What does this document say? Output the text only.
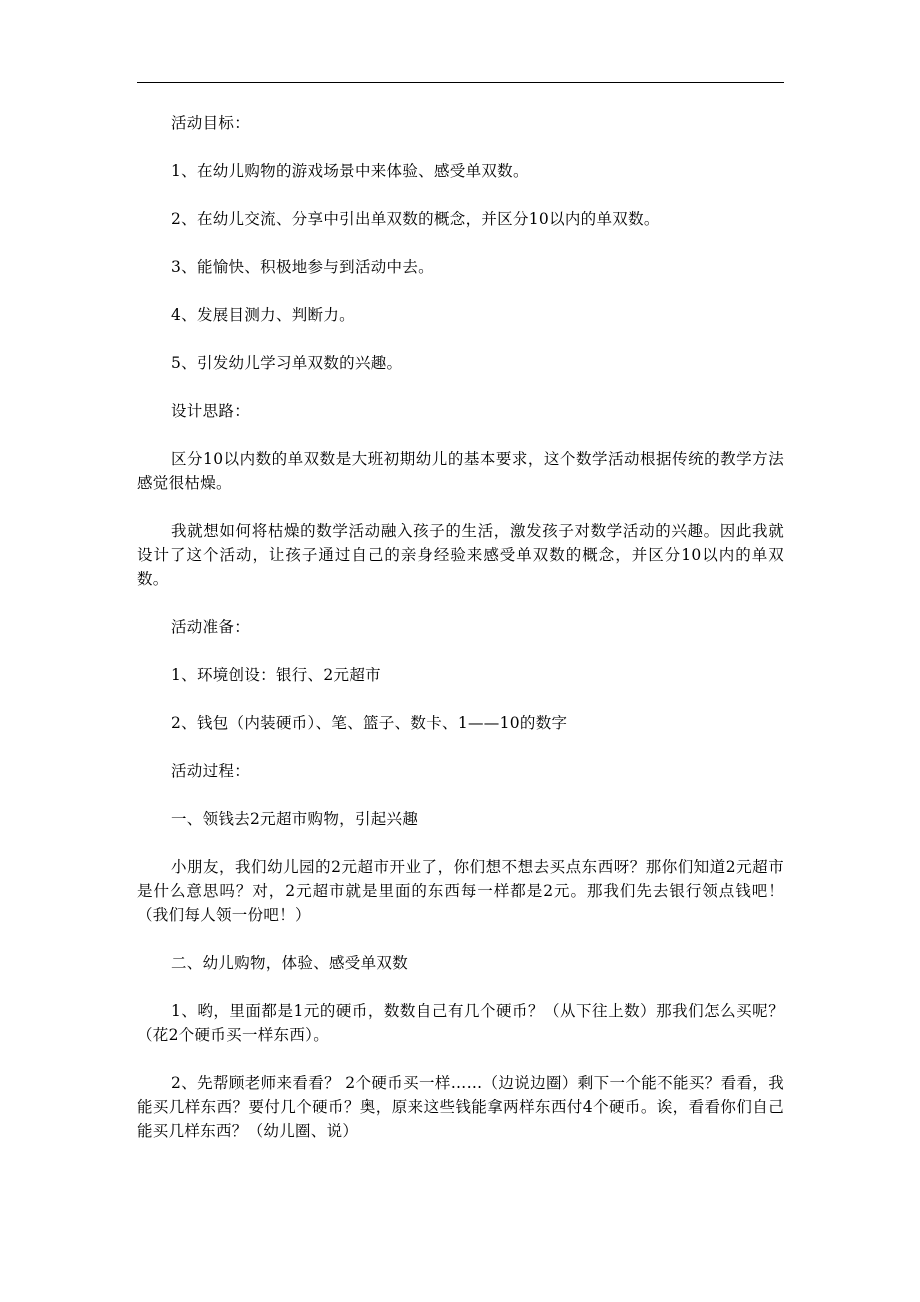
活动目标：

1、在幼儿购物的游戏场景中来体验、感受单双数。

2、在幼儿交流、分享中引出单双数的概念，并区分10以内的单双数。

3、能愉快、积极地参与到活动中去。

4、发展目测力、判断力。

5、引发幼儿学习单双数的兴趣。

设计思路：

区分10以内数的单双数是大班初期幼儿的基本要求，这个数学活动根据传统的教学方法感觉很枯燥。

我就想如何将枯燥的数学活动融入孩子的生活，激发孩子对数学活动的兴趣。因此我就设计了这个活动，让孩子通过自己的亲身经验来感受单双数的概念，并区分10以内的单双数。

活动准备：

1、环境创设：银行、2元超市

2、钱包（内装硬币）、笔、篮子、数卡、1——10的数字

活动过程：

一、领钱去2元超市购物，引起兴趣

小朋友，我们幼儿园的2元超市开业了，你们想不想去买点东西呀？那你们知道2元超市是什么意思吗？对，2元超市就是里面的东西每一样都是2元。那我们先去银行领点钱吧！（我们每人领一份吧！）

二、幼儿购物，体验、感受单双数

1、哟，里面都是1元的硬币，数数自己有几个硬币？（从下往上数）那我们怎么买呢？（花2个硬币买一样东西）。

2、先帮顾老师来看看？ 2个硬币买一样……（边说边圈）剩下一个能不能买？看看，我能买几样东西？要付几个硬币？奥，原来这些钱能拿两样东西付4个硬币。诶，看看你们自己能买几样东西？（幼儿圈、说）
